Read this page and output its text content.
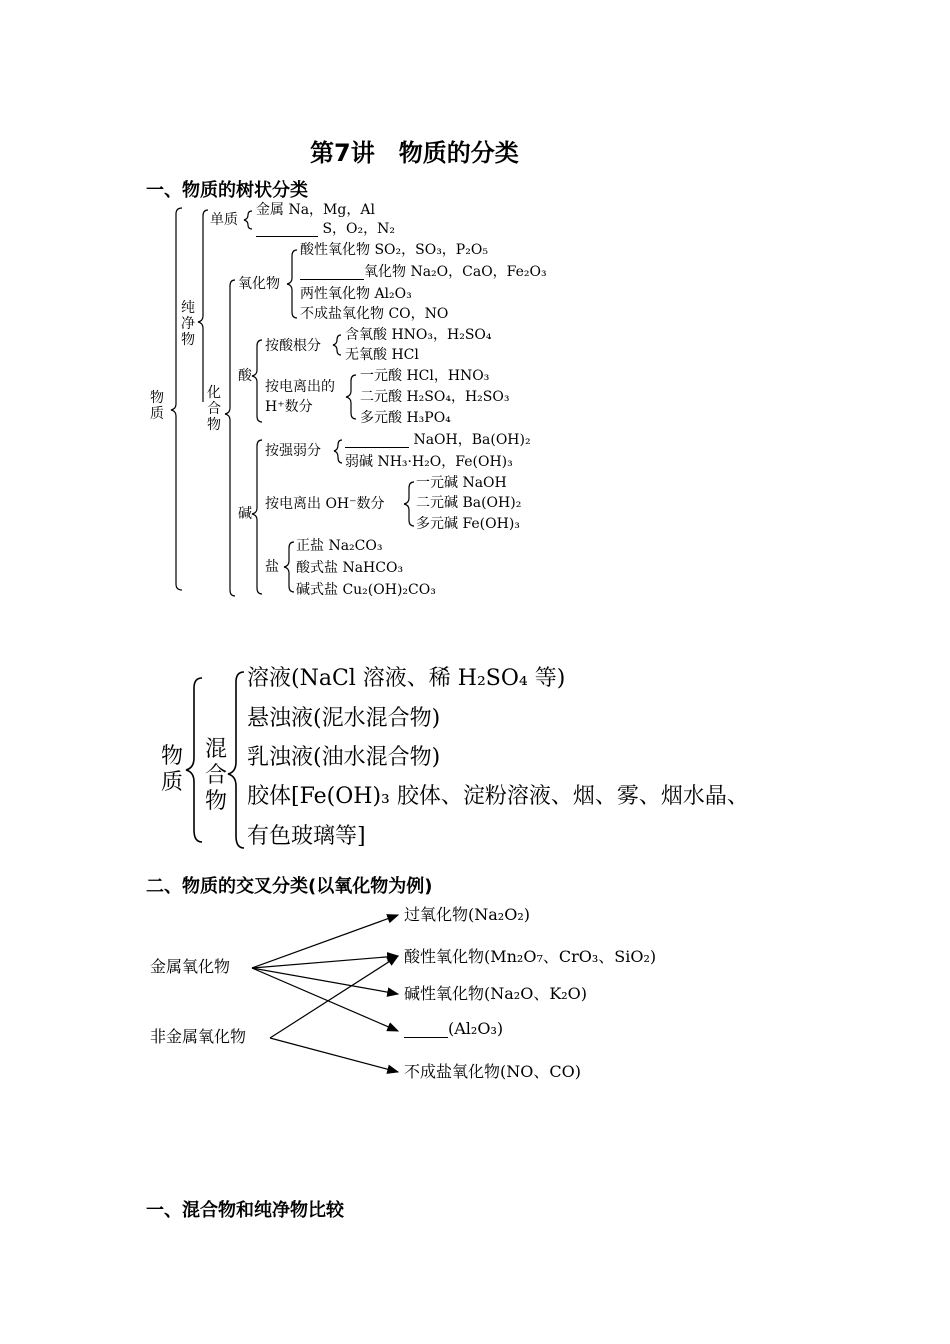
第7讲　物质的分类
一、物质的树状分类
物质
纯净物
化合物
单质
金属 Na，Mg，Al
S，O₂，N₂
氧化物
酸性氧化物 SO₂，SO₃，P₂O₅
氧化物 Na₂O，CaO，Fe₂O₃
两性氧化物 Al₂O₃
不成盐氧化物 CO，NO
酸
按酸根分
含氧酸 HNO₃，H₂SO₄
无氧酸 HCl
按电离出的
H⁺数分
一元酸 HCl，HNO₃
二元酸 H₂SO₄，H₂SO₃
多元酸 H₃PO₄
碱
按强弱分
NaOH，Ba(OH)₂
弱碱 NH₃·H₂O，Fe(OH)₃
按电离出 OH⁻数分
一元碱 NaOH
二元碱 Ba(OH)₂
多元碱 Fe(OH)₃
盐
正盐 Na₂CO₃
酸式盐 NaHCO₃
碱式盐 Cu₂(OH)₂CO₃
物质
混合物
溶液(NaCl 溶液、稀 H₂SO₄ 等)
悬浊液(泥水混合物)
乳浊液(油水混合物)
胶体[Fe(OH)₃ 胶体、淀粉溶液、烟、雾、烟水晶、
有色玻璃等]
二、物质的交叉分类(以氧化物为例)
金属氧化物
非金属氧化物
过氧化物(Na₂O₂)
酸性氧化物(Mn₂O₇、CrO₃、SiO₂)
碱性氧化物(Na₂O、K₂O)
(Al₂O₃)
不成盐氧化物(NO、CO)
一、混合物和纯净物比较
